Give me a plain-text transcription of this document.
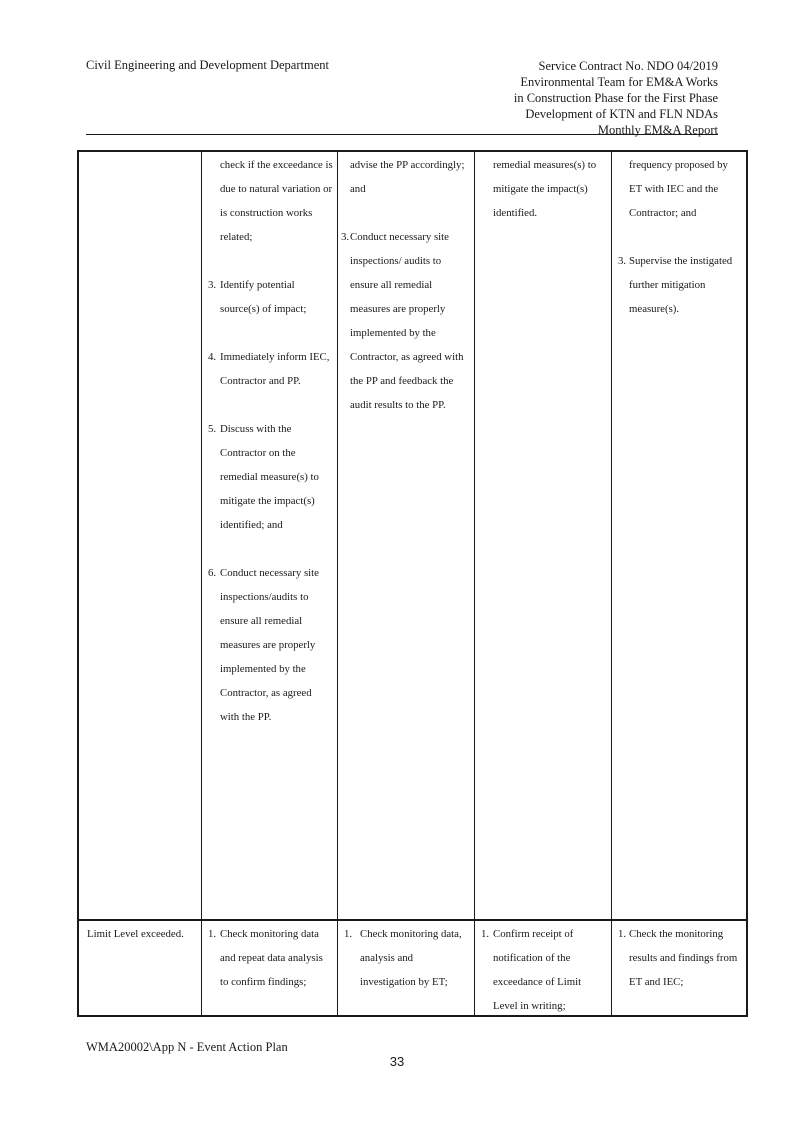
Civil Engineering and Development Department	Service Contract No. NDO 04/2019
Environmental Team for EM&A Works
in Construction Phase for the First Phase
Development of KTN and FLN NDAs
Monthly EM&A Report
check if the exceedance is due to natural variation or is construction works related;
3. Identify potential source(s) of impact;
4. Immediately inform IEC, Contractor and PP.
5. Discuss with the Contractor on the remedial measure(s) to mitigate the impact(s) identified; and
6. Conduct necessary site inspections/audits to ensure all remedial measures are properly implemented by the Contractor, as agreed with the PP.
advise the PP accordingly; and
3. Conduct necessary site inspections/ audits to ensure all remedial measures are properly implemented by the Contractor, as agreed with the PP and feedback the audit results to the PP.
remedial measures(s) to mitigate the impact(s) identified.
frequency proposed by ET with IEC and the Contractor; and
3. Supervise the instigated further mitigation measure(s).
Limit Level exceeded.	1. Check monitoring data and repeat data analysis to confirm findings;
1. Check monitoring data, analysis and investigation by ET;
1. Confirm receipt of notification of the exceedance of Limit Level in writing;
1. Check the monitoring results and findings from ET and IEC;
WMA20002\App N - Event Action Plan
33
